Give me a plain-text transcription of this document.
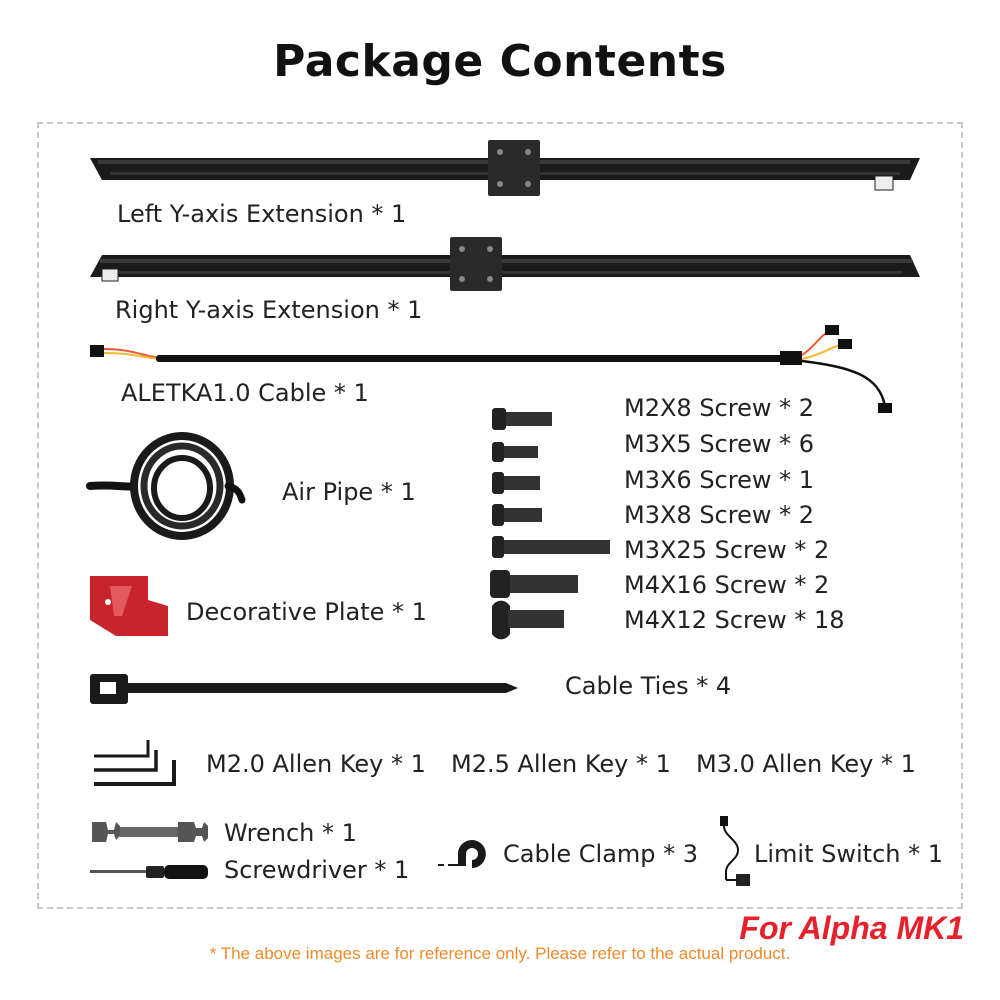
Package Contents
Left Y-axis Extension * 1
Right Y-axis Extension * 1
ALETKA1.0 Cable * 1
Air Pipe * 1
Decorative Plate * 1
M2X8 Screw * 2
M3X5 Screw * 6
M3X6 Screw * 1
M3X8 Screw * 2
M3X25 Screw * 2
M4X16 Screw * 2
M4X12 Screw * 18
Cable Ties * 4
M2.0 Allen Key * 1 M2.5 Allen Key * 1 M3.0 Allen Key * 1
Wrench * 1
Screwdriver * 1
Cable Clamp * 3 Limit Switch * 1
For Alpha MK1
* The above images are for reference only. Please refer to the actual product.
